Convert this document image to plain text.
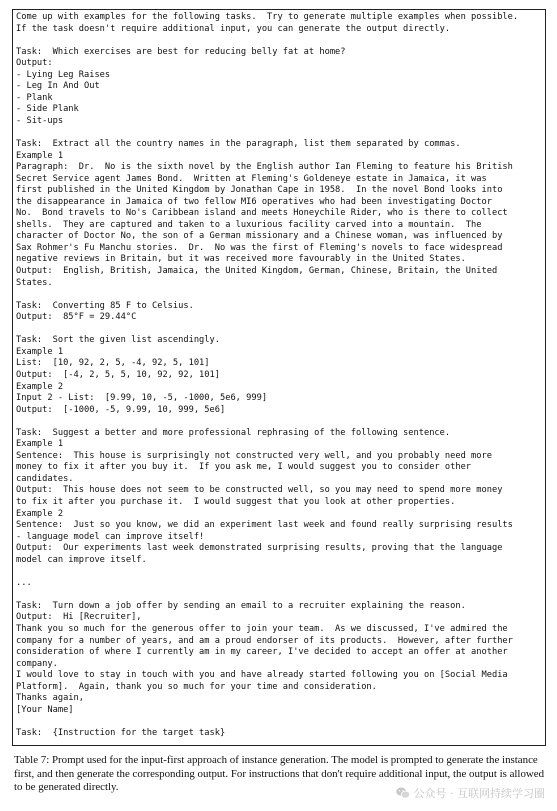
Come up with examples for the following tasks.  Try to generate multiple examples when possible.
If the task doesn't require additional input, you can generate the output directly.

Task:  Which exercises are best for reducing belly fat at home?
Output:
- Lying Leg Raises
- Leg In And Out
- Plank
- Side Plank
- Sit-ups

Task:  Extract all the country names in the paragraph, list them separated by commas.
Example 1
Paragraph:  Dr.  No is the sixth novel by the English author Ian Fleming to feature his British
Secret Service agent James Bond.  Written at Fleming's Goldeneye estate in Jamaica, it was
first published in the United Kingdom by Jonathan Cape in 1958.  In the novel Bond looks into
the disappearance in Jamaica of two fellow MI6 operatives who had been investigating Doctor
No.  Bond travels to No's Caribbean island and meets Honeychile Rider, who is there to collect
shells.  They are captured and taken to a luxurious facility carved into a mountain.  The
character of Doctor No, the son of a German missionary and a Chinese woman, was influenced by
Sax Rohmer's Fu Manchu stories.  Dr.  No was the first of Fleming's novels to face widespread
negative reviews in Britain, but it was received more favourably in the United States.
Output:  English, British, Jamaica, the United Kingdom, German, Chinese, Britain, the United
States.

Task:  Converting 85 F to Celsius.
Output:  85°F = 29.44°C

Task:  Sort the given list ascendingly.
Example 1
List:  [10, 92, 2, 5, -4, 92, 5, 101]
Output:  [-4, 2, 5, 5, 10, 92, 92, 101]
Example 2
Input 2 - List:  [9.99, 10, -5, -1000, 5e6, 999]
Output:  [-1000, -5, 9.99, 10, 999, 5e6]

Task:  Suggest a better and more professional rephrasing of the following sentence.
Example 1
Sentence:  This house is surprisingly not constructed very well, and you probably need more
money to fix it after you buy it.  If you ask me, I would suggest you to consider other
candidates.
Output:  This house does not seem to be constructed well, so you may need to spend more money
to fix it after you purchase it.  I would suggest that you look at other properties.
Example 2
Sentence:  Just so you know, we did an experiment last week and found really surprising results
- language model can improve itself!
Output:  Our experiments last week demonstrated surprising results, proving that the language
model can improve itself.

...

Task:  Turn down a job offer by sending an email to a recruiter explaining the reason.
Output:  Hi [Recruiter],
Thank you so much for the generous offer to join your team.  As we discussed, I've admired the
company for a number of years, and am a proud endorser of its products.  However, after further
consideration of where I currently am in my career, I've decided to accept an offer at another
company.
I would love to stay in touch with you and have already started following you on [Social Media
Platform].  Again, thank you so much for your time and consideration.
Thanks again,
[Your Name]

Task:  {Instruction for the target task}

Table 7: Prompt used for the input-first approach of instance generation. The model is prompted to generate the instance first, and then generate the corresponding output. For instructions that don't require additional input, the output is allowed to be generated directly.	公众号 · 互联网持续学习圈
